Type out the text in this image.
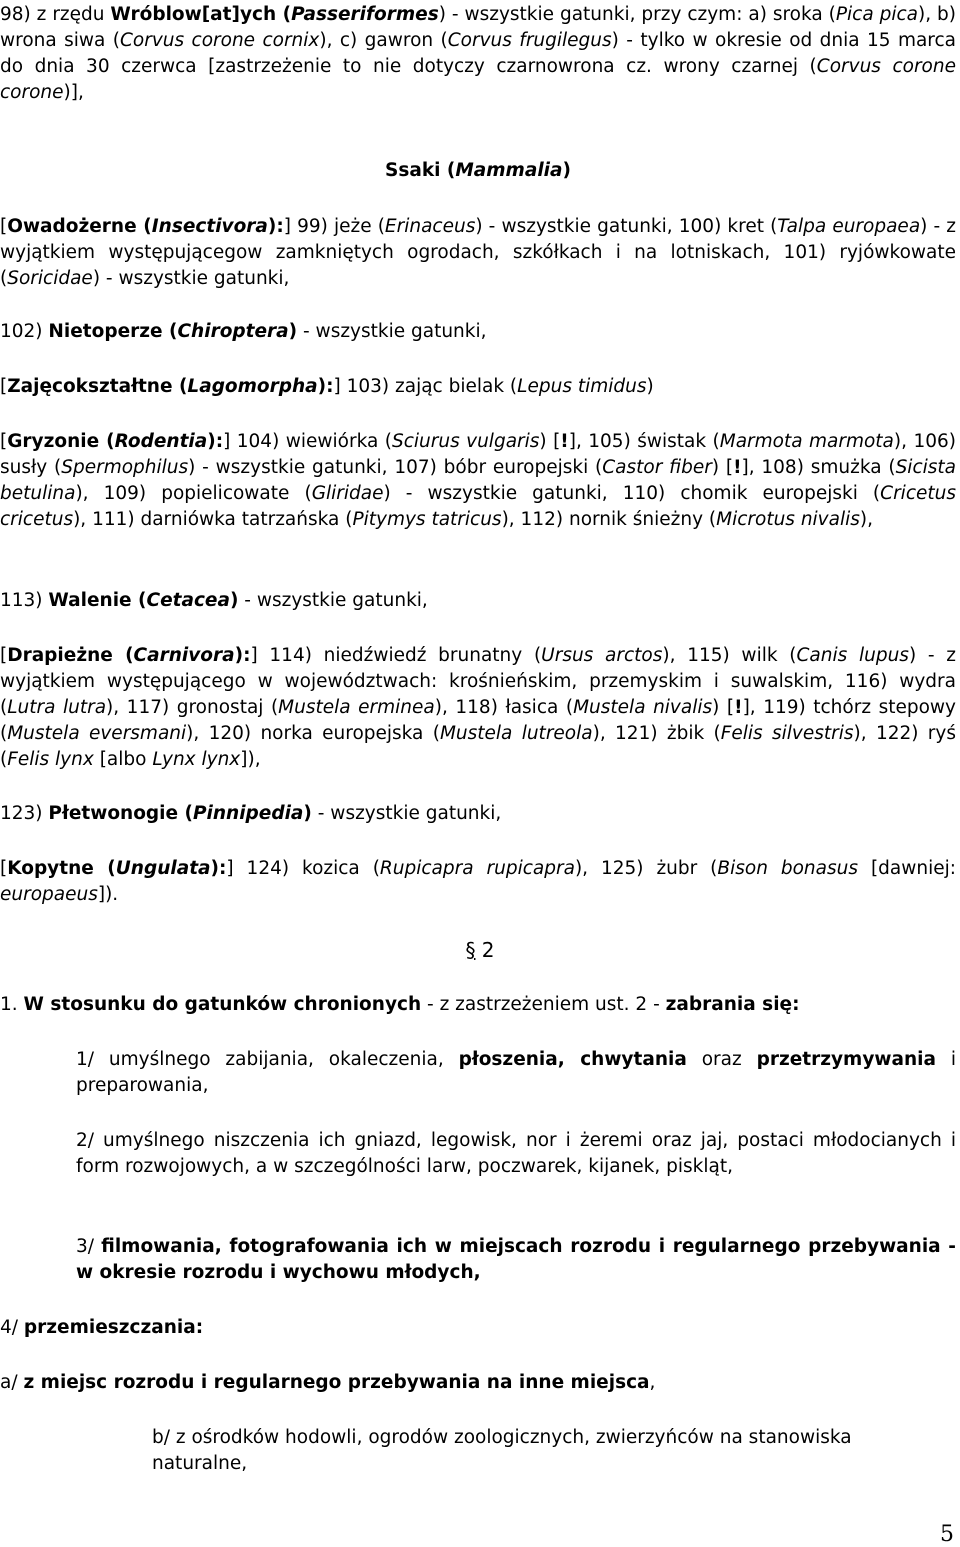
98) z rzędu Wróblow[at]ych (Passeriformes) - wszystkie gatunki, przy czym: a) sroka (Pica pica), b) wrona siwa (Corvus corone cornix), c) gawron (Corvus frugilegus) - tylko w okresie od dnia 15 marca do dnia 30 czerwca [zastrzeżenie to nie dotyczy czarnowrona cz. wrony czarnej (Corvus corone corone)],

Ssaki (Mammalia)

[Owadożerne (Insectivora):] 99) jeże (Erinaceus) - wszystkie gatunki, 100) kret (Talpa europaea) - z wyjątkiem występującegow zamkniętych ogrodach, szkółkach i na lotniskach, 101) ryjówkowate (Soricidae) - wszystkie gatunki,

102) Nietoperze (Chiroptera) - wszystkie gatunki,

[Zajęcokształtne (Lagomorpha):] 103) zając bielak (Lepus timidus)

[Gryzonie (Rodentia):] 104) wiewiórka (Sciurus vulgaris) [!], 105) świstak (Marmota marmota), 106) susły (Spermophilus) - wszystkie gatunki, 107) bóbr europejski (Castor fiber) [!], 108) smużka (Sicista betulina), 109) popielicowate (Gliridae) - wszystkie gatunki, 110) chomik europejski (Cricetus cricetus), 111) darniówka tatrzańska (Pitymys tatricus), 112) nornik śnieżny (Microtus nivalis),

113) Walenie (Cetacea) - wszystkie gatunki,

[Drapieżne (Carnivora):] 114) niedźwiedź brunatny (Ursus arctos), 115) wilk (Canis lupus) - z wyjątkiem występującego w województwach: krośnieńskim, przemyskim i suwalskim, 116) wydra (Lutra lutra), 117) gronostaj (Mustela erminea), 118) łasica (Mustela nivalis) [!], 119) tchórz stepowy (Mustela eversmani), 120) norka europejska (Mustela lutreola), 121) żbik (Felis silvestris), 122) ryś (Felis lynx [albo Lynx lynx]),

123) Płetwonogie (Pinnipedia) - wszystkie gatunki,

[Kopytne (Ungulata):] 124) kozica (Rupicapra rupicapra), 125) żubr (Bison bonasus [dawniej: europaeus]).

§ 2

1. W stosunku do gatunków chronionych - z zastrzeżeniem ust. 2 - zabrania się:

1/ umyślnego zabijania, okaleczenia, płoszenia, chwytania oraz przetrzymywania i preparowania,

2/ umyślnego niszczenia ich gniazd, legowisk, nor i żeremi oraz jaj, postaci młodocianych i form rozwojowych, a w szczególności larw, poczwarek, kijanek, piskląt,

3/ filmowania, fotografowania ich w miejscach rozrodu i regularnego przebywania - w okresie rozrodu i wychowu młodych,

4/ przemieszczania:

a/ z miejsc rozrodu i regularnego przebywania na inne miejsca,

b/ z ośrodków hodowli, ogrodów zoologicznych, zwierzyńców na stanowiska naturalne,

5
